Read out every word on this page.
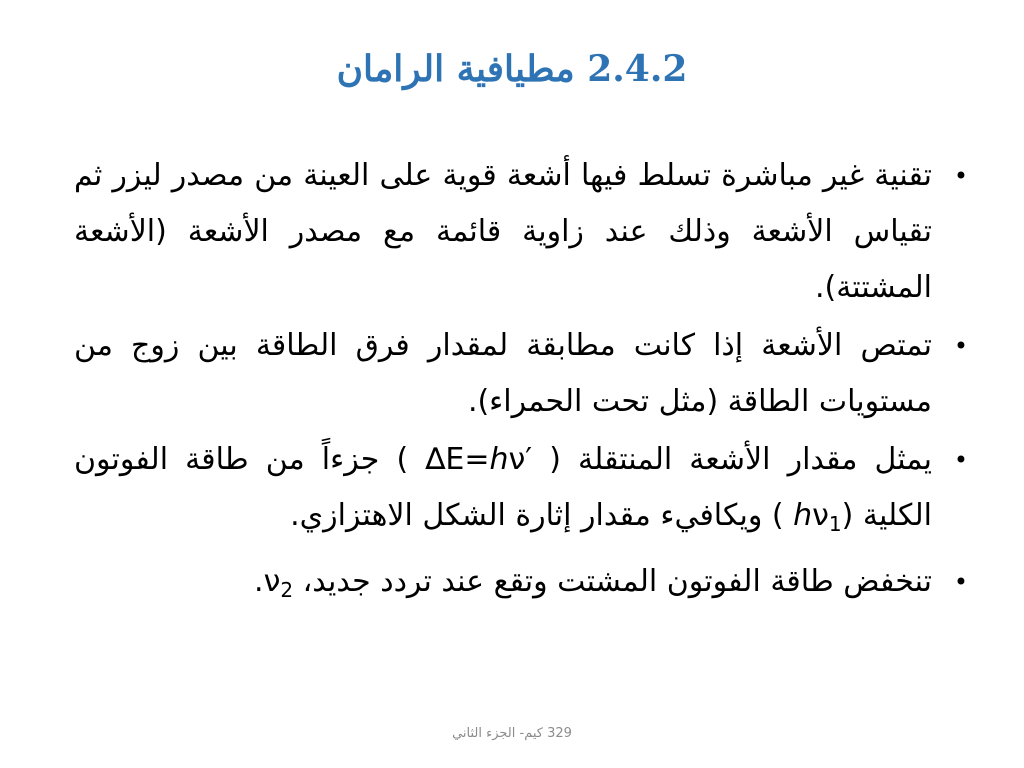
2.4.2 مطيافية الرامان
•
تقنية غير مباشرة تسلط فيها أشعة قوية على العينة من مصدر ليزر ثم تقياس الأشعة وذلك عند زاوية قائمة مع مصدر الأشعة (الأشعة المشتتة).
•
تمتص الأشعة إذا كانت مطابقة لمقدار فرق الطاقة بين زوج من مستويات الطاقة (مثل تحت الحمراء).
•
يمثل مقدار الأشعة المنتقلة ( ∆E=hν′ ) جزءاً من طاقة الفوتون الكلية ($h\nu_1$ ) ويكافيء مقدار إثارة الشكل الاهتزازي.
•
تنخفض طاقة الفوتون المشتت وتقع عند تردد جديد، $\nu_2$.
329 كيم- الجزء الثاني
